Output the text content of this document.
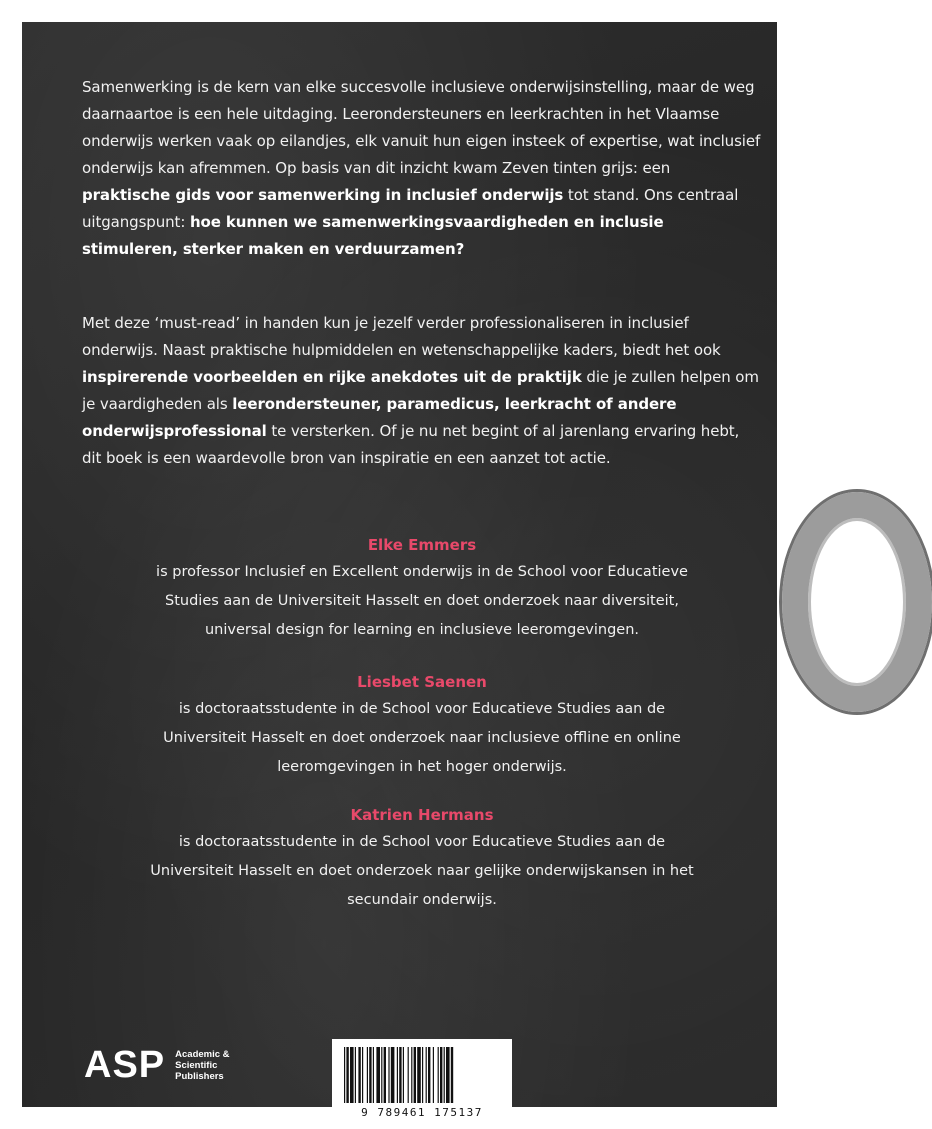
Samenwerking is de kern van elke succesvolle inclusieve onderwijsinstelling, maar de weg daarnaartoe is een hele uitdaging. Leerondersteuners en leerkrachten in het Vlaamse onderwijs werken vaak op eilandjes, elk vanuit hun eigen insteek of expertise, wat inclusief onderwijs kan afremmen. Op basis van dit inzicht kwam Zeven tinten grijs: een praktische gids voor samenwerking in inclusief onderwijs tot stand. Ons centraal uitgangspunt: hoe kunnen we samenwerkingsvaardigheden en inclusie stimuleren, sterker maken en verduurzamen?

Met deze ‘must-read’ in handen kun je jezelf verder professionaliseren in inclusief onderwijs. Naast praktische hulpmiddelen en wetenschappelijke kaders, biedt het ook inspirerende voorbeelden en rijke anekdotes uit de praktijk die je zullen helpen om je vaardigheden als leerondersteuner, paramedicus, leerkracht of andere onderwijsprofessional te versterken. Of je nu net begint of al jarenlang ervaring hebt, dit boek is een waardevolle bron van inspiratie en een aanzet tot actie.

Elke Emmers
is professor Inclusief en Excellent onderwijs in de School voor Educatieve Studies aan de Universiteit Hasselt en doet onderzoek naar diversiteit, universal design for learning en inclusieve leeromgevingen.
Liesbet Saenen
is doctoraatsstudente in de School voor Educatieve Studies aan de Universiteit Hasselt en doet onderzoek naar inclusieve offline en online leeromgevingen in het hoger onderwijs.
Katrien Hermans
is doctoraatsstudente in de School voor Educatieve Studies aan de Universiteit Hasselt en doet onderzoek naar gelijke onderwijskansen in het secundair onderwijs.
ASP Academic &
Scientific
Publishers
9 789461 175137
